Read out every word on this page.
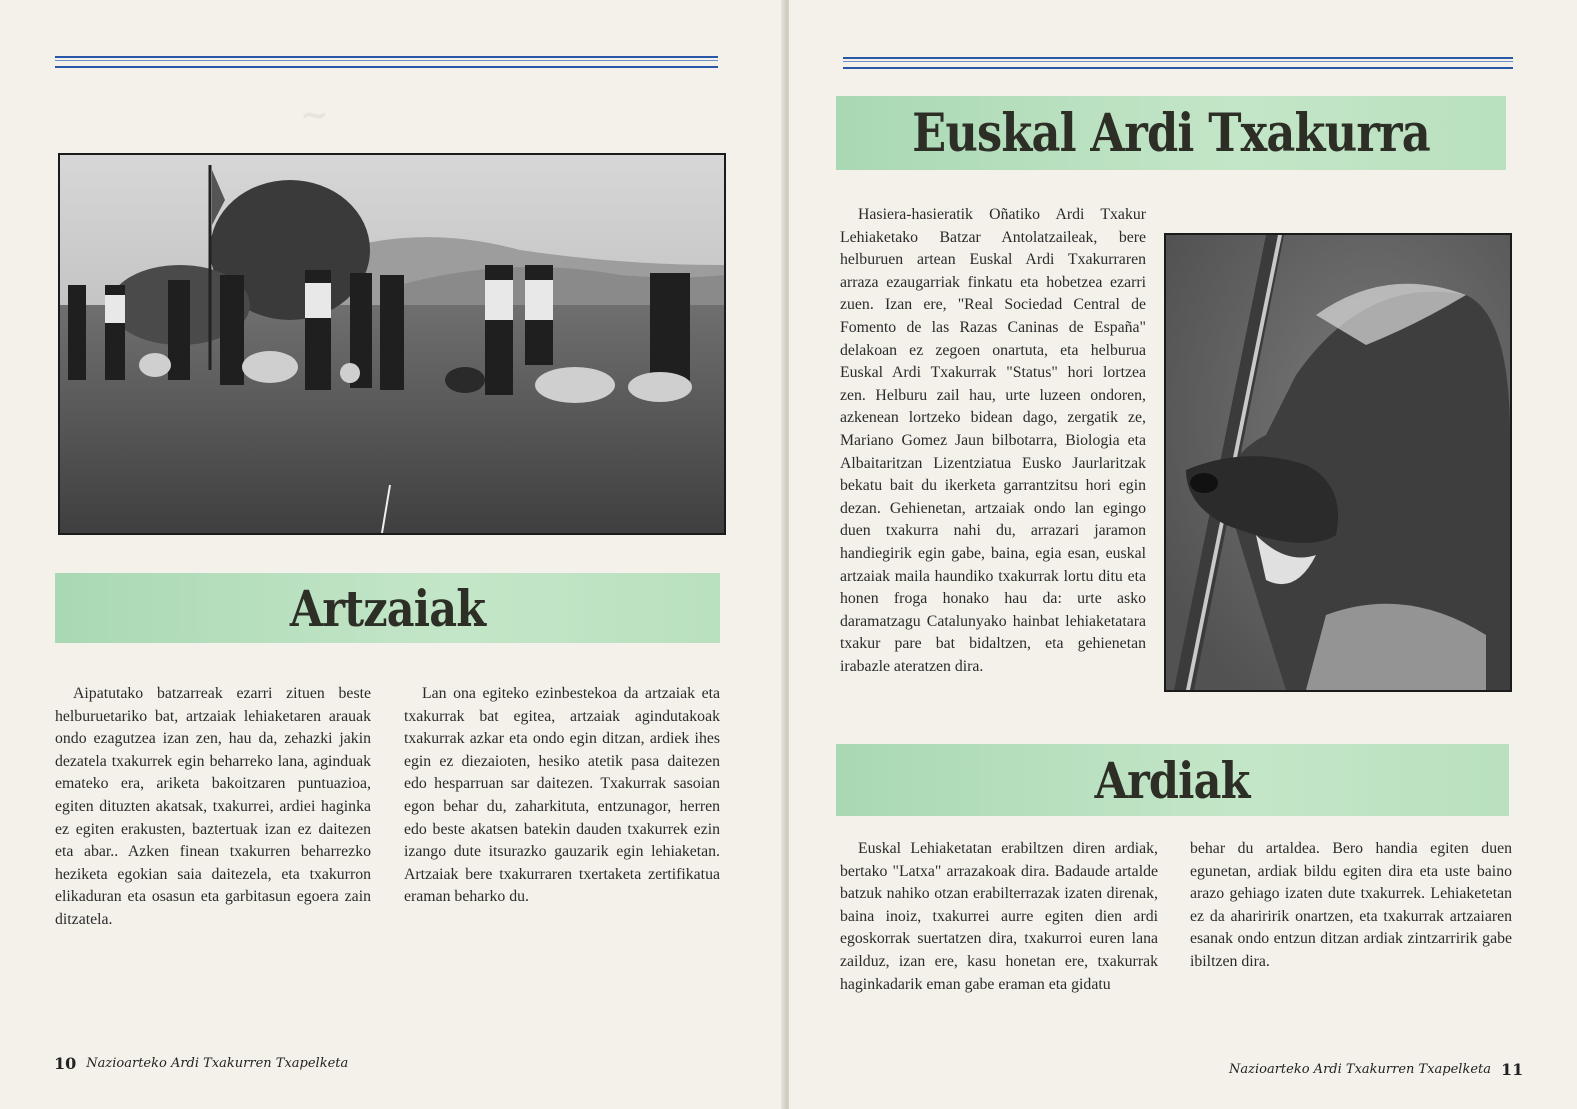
~
Artzaiak

Aipatutako batzarreak ezarri zituen beste helburuetariko bat, artzaiak lehiaketaren arauak ondo ezagutzea izan zen, hau da, zehazki jakin dezatela txakurrek egin beharreko lana, aginduak emateko era, ariketa bakoitzaren puntuazioa, egiten dituzten akatsak, txakurrei, ardiei haginka ez egiten erakusten, baztertuak izan ez daitezen eta abar.. Azken finean txakurren beharrezko heziketa egokian saia daitezela, eta txakurron elikaduran eta osasun eta garbitasun egoera zain ditzatela.

Lan ona egiteko ezinbestekoa da artzaiak eta txakurrak bat egitea, artzaiak agindutakoak txakurrak azkar eta ondo egin ditzan, ardiek ihes egin ez diezaioten, hesiko atetik pasa daitezen edo hesparruan sar daitezen. Txakurrak sasoian egon behar du, zaharkituta, entzunagor, herren edo beste akatsen batekin dauden txakurrek ezin izango dute itsurazko gauzarik egin lehiaketan. Artzaiak bere txakurraren txertaketa zertifikatua eraman beharko du.

10 Nazioarteko Ardi Txakurren Txapelketa
Euskal Ardi Txakurra

Hasiera-hasieratik Oñatiko Ardi Txakur Lehiaketako Batzar Antolatzaileak, bere helburuen artean Euskal Ardi Txakurraren arraza ezaugarriak finkatu eta hobetzea ezarri zuen. Izan ere, "Real Sociedad Central de Fomento de las Razas Caninas de España" delakoan ez zegoen onartuta, eta helburua Euskal Ardi Txakurrak "Status" hori lortzea zen. Helburu zail hau, urte luzeen ondoren, azkenean lortzeko bidean dago, zergatik ze, Mariano Gomez Jaun bilbotarra, Biologia eta Albaitaritzan Lizentziatua Eusko Jaurlaritzak bekatu bait du ikerketa garrantzitsu hori egin dezan. Gehienetan, artzaiak ondo lan egingo duen txakurra nahi du, arrazari jaramon handiegirik egin gabe, baina, egia esan, euskal artzaiak maila haundiko txakurrak lortu ditu eta honen froga honako hau da: urte asko daramatzagu Catalunyako hainbat lehiaketatara txakur pare bat bidaltzen, eta gehienetan irabazle ateratzen dira.

Ardiak

Euskal Lehiaketatan erabiltzen diren ardiak, bertako "Latxa" arrazakoak dira. Badaude artalde batzuk nahiko otzan erabilterrazak izaten direnak, baina inoiz, txakurrei aurre egiten dien ardi egoskorrak suertatzen dira, txakurroi euren lana zailduz, izan ere, kasu honetan ere, txakurrak haginkadarik eman gabe eraman eta gidatu

behar du artaldea. Bero handia egiten duen egunetan, ardiak bildu egiten dira eta uste baino arazo gehiago izaten dute txakurrek. Lehiaketetan ez da ahariririk onartzen, eta txakurrak artzaiaren esanak ondo entzun ditzan ardiak zintzarririk gabe ibiltzen dira.

Nazioarteko Ardi Txakurren Txapelketa 11
